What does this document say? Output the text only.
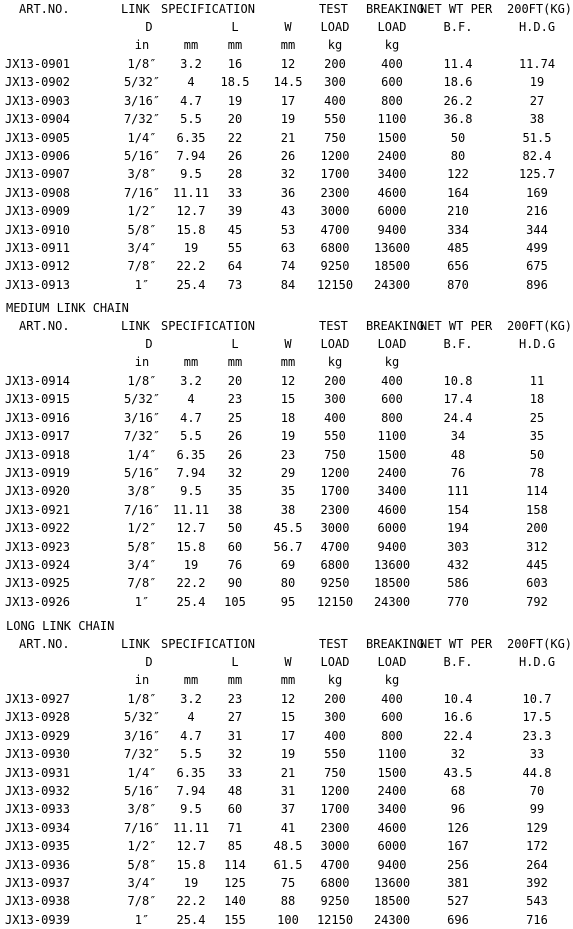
ART.NO.	LINK SPECIFICATION	TEST BREAKING
NET WT PER 200FT(KG)
D	L	W	LOAD	LOAD	B.F.	H.D.G
in	mm	mm	mm	kg	kg
JX13-0901	1/8″	3.2	16	12	200	400	11.4	11.74
JX13-0902	5/32″	4	18.5	14.5	300	600	18.6	19
JX13-0903	3/16″	4.7	19	17	400	800	26.2	27
JX13-0904	7/32″	5.5	20	19	550	1100	36.8	38
JX13-0905	1/4″	6.35	22	21	750	1500	50	51.5
JX13-0906	5/16″	7.94	26	26	1200	2400	80	82.4
JX13-0907	3/8″	9.5	28	32	1700	3400	122	125.7
JX13-0908	7/16″	11.11	33	36	2300	4600	164	169
JX13-0909	1/2″	12.7	39	43	3000	6000	210	216
JX13-0910	5/8″	15.8	45	53	4700	9400	334	344
JX13-0911	3/4″	19	55	63	6800	13600	485	499
JX13-0912	7/8″	22.2	64	74	9250	18500	656	675
JX13-0913	1″	25.4	73	84	12150	24300	870	896
MEDIUM LINK CHAIN
ART.NO.	LINK SPECIFICATION	TEST BREAKING
NET WT PER 200FT(KG)
D	L	W	LOAD	LOAD	B.F.	H.D.G
in	mm	mm	mm	kg	kg
JX13-0914	1/8″	3.2	20	12	200	400	10.8	11
JX13-0915	5/32″	4	23	15	300	600	17.4	18
JX13-0916	3/16″	4.7	25	18	400	800	24.4	25
JX13-0917	7/32″	5.5	26	19	550	1100	34	35
JX13-0918	1/4″	6.35	26	23	750	1500	48	50
JX13-0919	5/16″	7.94	32	29	1200	2400	76	78
JX13-0920	3/8″	9.5	35	35	1700	3400	111	114
JX13-0921	7/16″	11.11	38	38	2300	4600	154	158
JX13-0922	1/2″	12.7	50	45.5	3000	6000	194	200
JX13-0923	5/8″	15.8	60	56.7	4700	9400	303	312
JX13-0924	3/4″	19	76	69	6800	13600	432	445
JX13-0925	7/8″	22.2	90	80	9250	18500	586	603
JX13-0926	1″	25.4	105	95	12150	24300	770	792
LONG LINK CHAIN
ART.NO.	LINK SPECIFICATION	TEST BREAKING
NET WT PER 200FT(KG)
D	L	W	LOAD	LOAD	B.F.	H.D.G
in	mm	mm	mm	kg	kg
JX13-0927	1/8″	3.2	23	12	200	400	10.4	10.7
JX13-0928	5/32″	4	27	15	300	600	16.6	17.5
JX13-0929	3/16″	4.7	31	17	400	800	22.4	23.3
JX13-0930	7/32″	5.5	32	19	550	1100	32	33
JX13-0931	1/4″	6.35	33	21	750	1500	43.5	44.8
JX13-0932	5/16″	7.94	48	31	1200	2400	68	70
JX13-0933	3/8″	9.5	60	37	1700	3400	96	99
JX13-0934	7/16″	11.11	71	41	2300	4600	126	129
JX13-0935	1/2″	12.7	85	48.5	3000	6000	167	172
JX13-0936	5/8″	15.8	114	61.5	4700	9400	256	264
JX13-0937	3/4″	19	125	75	6800	13600	381	392
JX13-0938	7/8″	22.2	140	88	9250	18500	527	543
JX13-0939	1″	25.4	155	100	12150	24300	696	716
